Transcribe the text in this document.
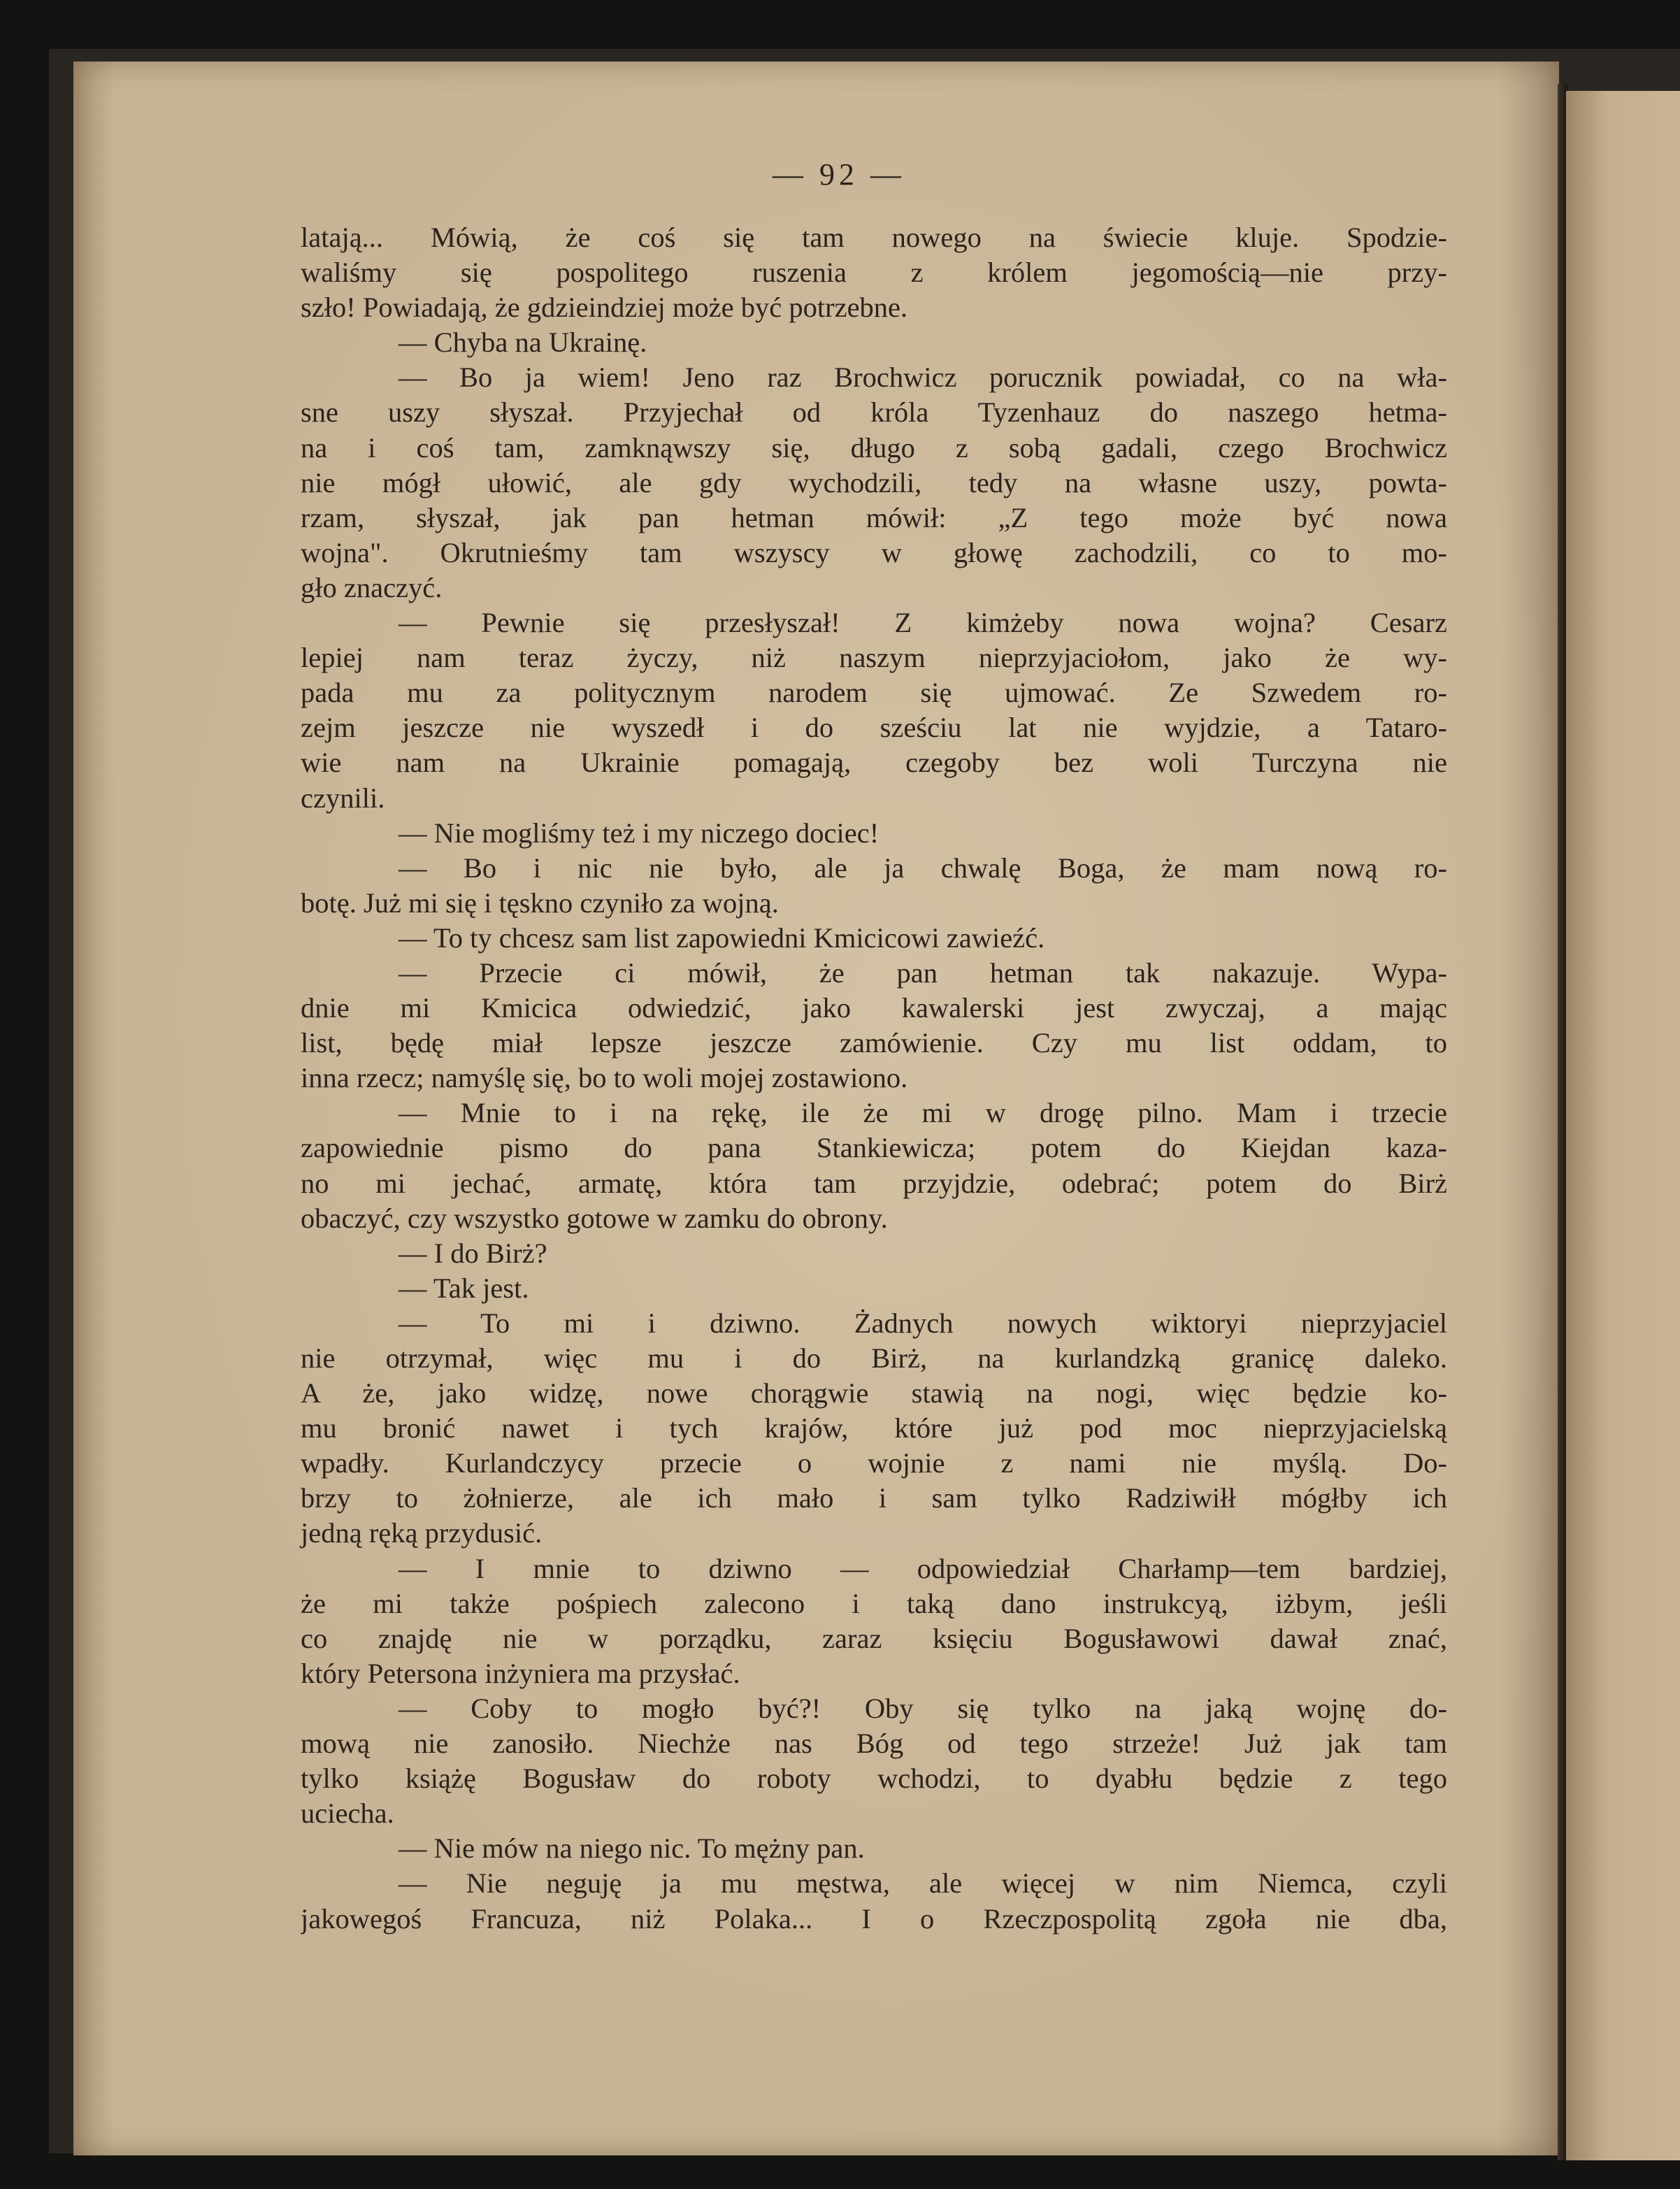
— 92 —
latają... Mówią, że coś się tam nowego na świecie kluje. Spodzie-
waliśmy się pospolitego ruszenia z królem jegomością—nie przy-
szło! Powiadają, że gdzieindziej może być potrzebne.
— Chyba na Ukrainę.
— Bo ja wiem! Jeno raz Brochwicz porucznik powiadał, co na wła-
sne uszy słyszał. Przyjechał od króla Tyzenhauz do naszego hetma-
na i coś tam, zamknąwszy się, długo z sobą gadali, czego Brochwicz
nie mógł ułowić, ale gdy wychodzili, tedy na własne uszy, powta-
rzam, słyszał, jak pan hetman mówił: „Z tego może być nowa
wojna". Okrutnieśmy tam wszyscy w głowę zachodzili, co to mo-
gło znaczyć.
— Pewnie się przesłyszał! Z kimżeby nowa wojna? Cesarz
lepiej nam teraz życzy, niż naszym nieprzyjaciołom, jako że wy-
pada mu za politycznym narodem się ujmować. Ze Szwedem ro-
zejm jeszcze nie wyszedł i do sześciu lat nie wyjdzie, a Tataro-
wie nam na Ukrainie pomagają, czegoby bez woli Turczyna nie
czynili.
— Nie mogliśmy też i my niczego dociec!
— Bo i nic nie było, ale ja chwalę Boga, że mam nową ro-
botę. Już mi się i tęskno czyniło za wojną.
— To ty chcesz sam list zapowiedni Kmicicowi zawieźć.
— Przecie ci mówił, że pan hetman tak nakazuje. Wypa-
dnie mi Kmicica odwiedzić, jako kawalerski jest zwyczaj, a mając
list, będę miał lepsze jeszcze zamówienie. Czy mu list oddam, to
inna rzecz; namyślę się, bo to woli mojej zostawiono.
— Mnie to i na rękę, ile że mi w drogę pilno. Mam i trzecie
zapowiednie pismo do pana Stankiewicza; potem do Kiejdan kaza-
no mi jechać, armatę, która tam przyjdzie, odebrać; potem do Birż
obaczyć, czy wszystko gotowe w zamku do obrony.
— I do Birż?
— Tak jest.
— To mi i dziwno. Żadnych nowych wiktoryi nieprzyjaciel
nie otrzymał, więc mu i do Birż, na kurlandzką granicę daleko.
A że, jako widzę, nowe chorągwie stawią na nogi, więc będzie ko-
mu bronić nawet i tych krajów, które już pod moc nieprzyjacielską
wpadły. Kurlandczycy przecie o wojnie z nami nie myślą. Do-
brzy to żołnierze, ale ich mało i sam tylko Radziwiłł mógłby ich
jedną ręką przydusić.
— I mnie to dziwno — odpowiedział Charłamp—tem bardziej,
że mi także pośpiech zalecono i taką dano instrukcyą, iżbym, jeśli
co znajdę nie w porządku, zaraz księciu Bogusławowi dawał znać,
który Petersona inżyniera ma przysłać.
— Coby to mogło być?! Oby się tylko na jaką wojnę do-
mową nie zanosiło. Niechże nas Bóg od tego strzeże! Już jak tam
tylko książę Bogusław do roboty wchodzi, to dyabłu będzie z tego
uciecha.
— Nie mów na niego nic. To mężny pan.
— Nie neguję ja mu męstwa, ale więcej w nim Niemca, czyli
jakowegoś Francuza, niż Polaka... I o Rzeczpospolitą zgoła nie dba,
